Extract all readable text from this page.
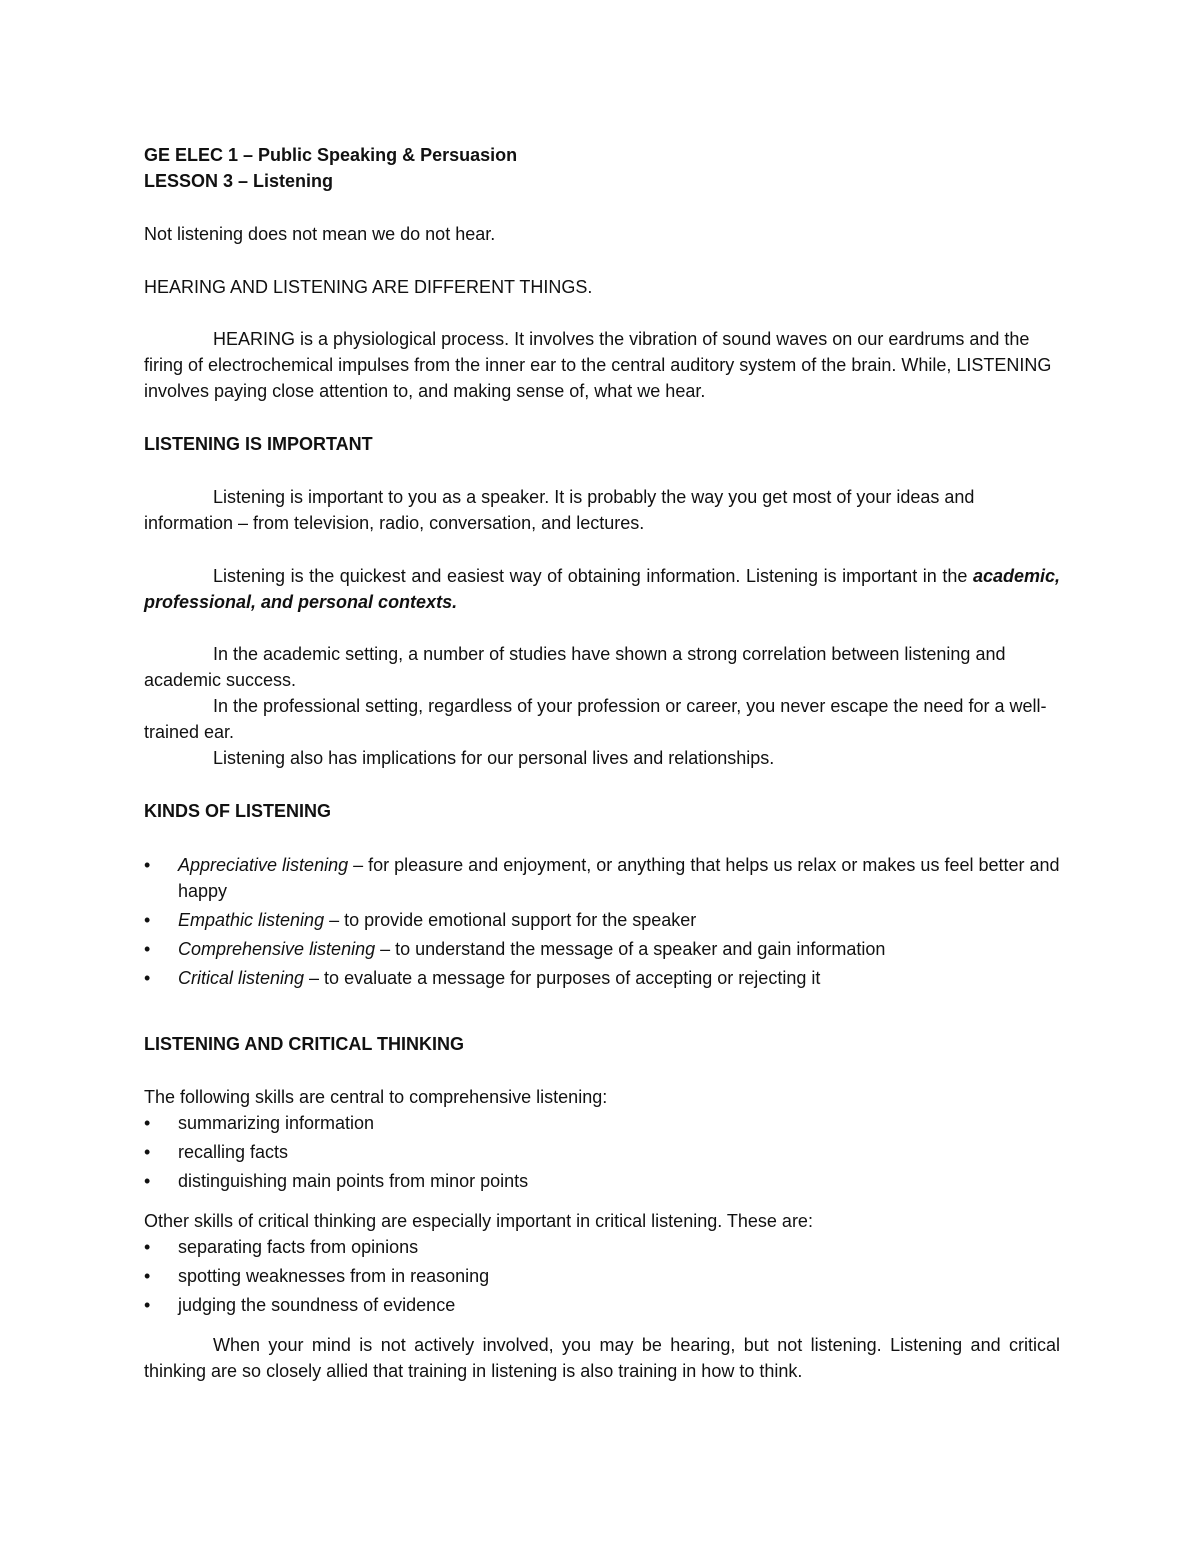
GE ELEC 1 – Public Speaking & Persuasion

LESSON 3 – Listening

Not listening does not mean we do not hear.

HEARING AND LISTENING ARE DIFFERENT THINGS.

HEARING is a physiological process. It involves the vibration of sound waves on our eardrums and the firing of electrochemical impulses from the inner ear to the central auditory system of the brain. While, LISTENING involves paying close attention to, and making sense of, what we hear.

LISTENING IS IMPORTANT

Listening is important to you as a speaker. It is probably the way you get most of your ideas and information – from television, radio, conversation, and lectures.

Listening is the quickest and easiest way of obtaining information. Listening is important in the academic, professional, and personal contexts.

In the academic setting, a number of studies have shown a strong correlation between listening and academic success.

In the professional setting, regardless of your profession or career, you never escape the need for a well-trained ear.

Listening also has implications for our personal lives and relationships.

KINDS OF LISTENING

• Appreciative listening – for pleasure and enjoyment, or anything that helps us relax or makes us feel better and happy
• Empathic listening – to provide emotional support for the speaker
• Comprehensive listening – to understand the message of a speaker and gain information
• Critical listening – to evaluate a message for purposes of accepting or rejecting it

LISTENING AND CRITICAL THINKING

The following skills are central to comprehensive listening:

• summarizing information
• recalling facts
• distinguishing main points from minor points

Other skills of critical thinking are especially important in critical listening. These are:

• separating facts from opinions
• spotting weaknesses from in reasoning
• judging the soundness of evidence

When your mind is not actively involved, you may be hearing, but not listening. Listening and critical thinking are so closely allied that training in listening is also training in how to think.
